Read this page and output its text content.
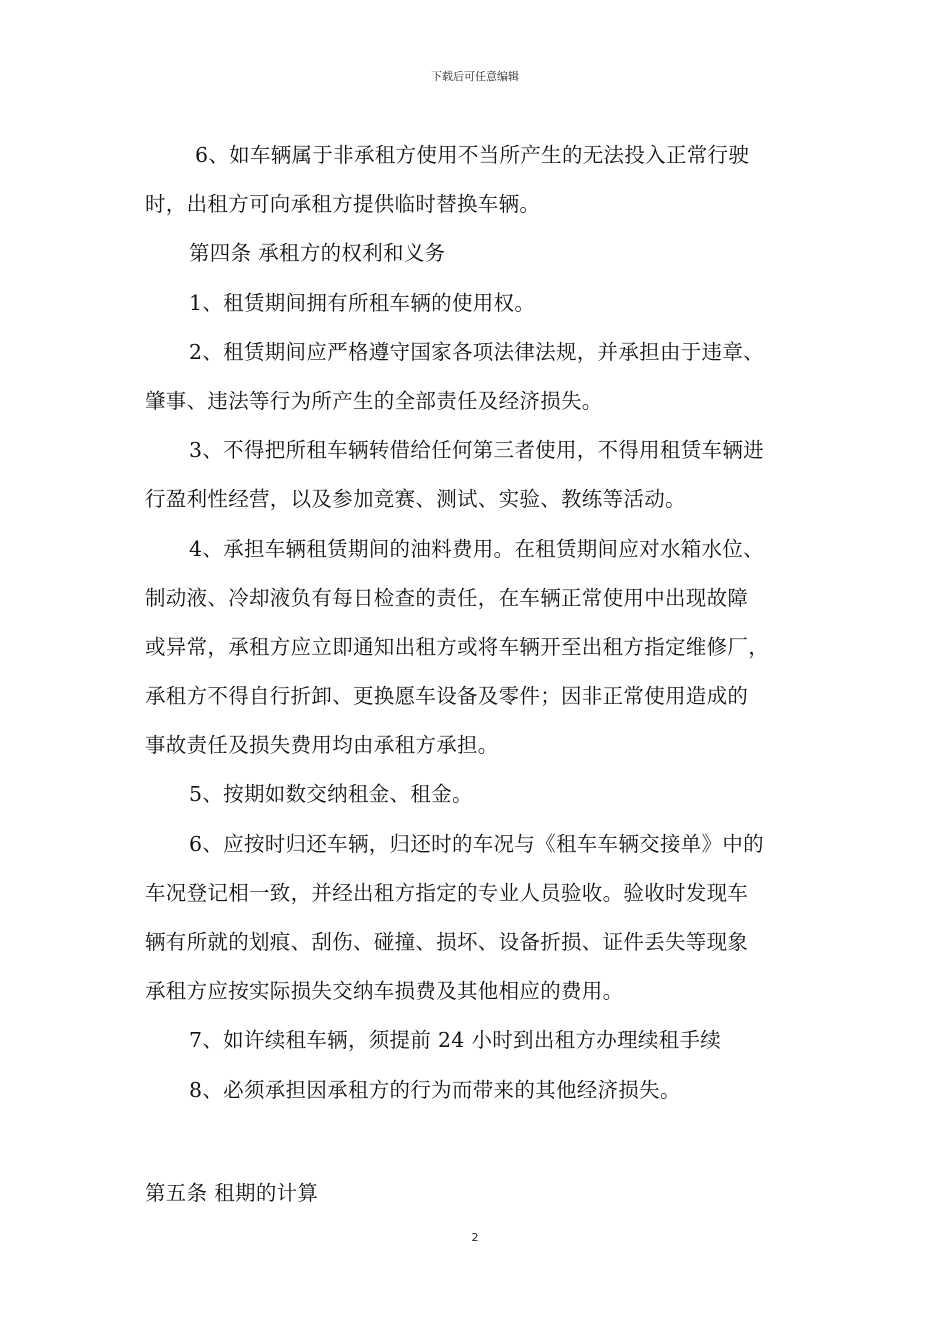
下载后可任意编辑
6、如车辆属于非承租方使用不当所产生的无法投入正常行驶
时，出租方可向承租方提供临时替换车辆。
第四条 承租方的权利和义务
1、租赁期间拥有所租车辆的使用权。
2、租赁期间应严格遵守国家各项法律法规，并承担由于违章、
肇事、违法等行为所产生的全部责任及经济损失。
3、不得把所租车辆转借给任何第三者使用，不得用租赁车辆进
行盈利性经营，以及参加竞赛、测试、实验、教练等活动。
4、承担车辆租赁期间的油料费用。在租赁期间应对水箱水位、
制动液、冷却液负有每日检查的责任，在车辆正常使用中出现故障
或异常，承租方应立即通知出租方或将车辆开至出租方指定维修厂，
承租方不得自行折卸、更换愿车设备及零件；因非正常使用造成的
事故责任及损失费用均由承租方承担。
5、按期如数交纳租金、租金。
6、应按时归还车辆，归还时的车况与《租车车辆交接单》中的
车况登记相一致，并经出租方指定的专业人员验收。验收时发现车
辆有所就的划痕、刮伤、碰撞、损坏、设备折损、证件丢失等现象
承租方应按实际损失交纳车损费及其他相应的费用。
7、如许续租车辆，须提前 24 小时到出租方办理续租手续
8、必须承担因承租方的行为而带来的其他经济损失。
第五条 租期的计算
2
